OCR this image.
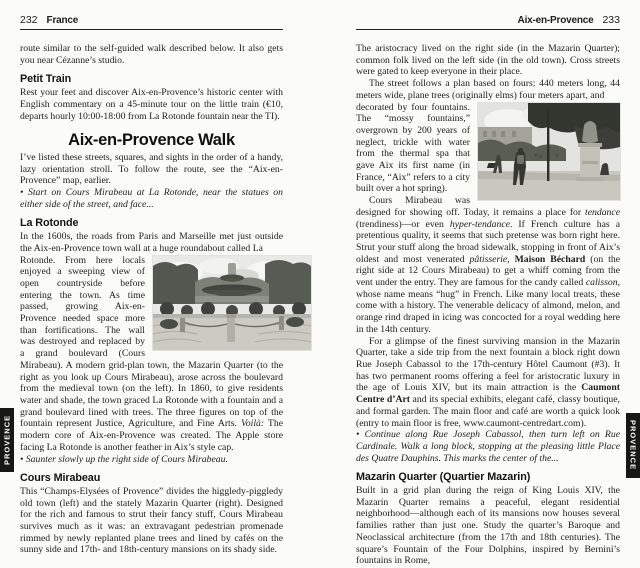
232 France

route similar to the self-guided walk described below. It also gets you near Cézanne’s studio.

Petit Train

Rest your feet and discover Aix-en-Provence’s historic center with English commentary on a 45-minute tour on the little train (€10, departs hourly 10:00-18:00 from La Rotonde fountain near the TI).

Aix-en-Provence Walk

I’ve listed these streets, squares, and sights in the order of a handy, lazy orientation stroll. To follow the route, see the “Aix-en-Provence” map, earlier.

• Start on Cours Mirabeau at La Rotonde, near the statues on either side of the street, and face...

La Rotonde

In the 1600s, the roads from Paris and Marseille met just outside the Aix-en-Provence town wall at a huge roundabout called La

Rotonde. From here locals enjoyed a sweeping view of open countryside before entering the town. As time passed, growing Aix-en-Provence needed space more than fortifications. The wall was destroyed and replaced by a grand boulevard (Cours Mirabeau). A modern grid-plan town, the Mazarin Quarter (to the right as you look up Cours Mirabeau), arose across the boulevard from the medieval town (on the left). In 1860, to give residents water and shade, the town graced La Rotonde with a fountain and a grand boulevard lined with trees. The three figures on top of the fountain represent Justice, Agriculture, and Fine Arts. Voilà: The modern core of Aix-en-Provence was created. The Apple store facing La Rotonde is another feather in Aix’s style cap.

• Saunter slowly up the right side of Cours Mirabeau.

Cours Mirabeau

This “Champs-Elysées of Provence” divides the higgledy-piggledy old town (left) and the stately Mazarin Quarter (right). Designed for the rich and famous to strut their fancy stuff, Cours Mirabeau survives much as it was: an extravagant pedestrian promenade rimmed by newly replanted plane trees and lined by cafés on the sunny side and 17th- and 18th-century mansions on its shady side.

Aix-en-Provence 233

The aristocracy lived on the right side (in the Mazarin Quarter); common folk lived on the left side (in the old town). Cross streets were gated to keep everyone in their place.

The street follows a plan based on fours: 440 meters long, 44 meters wide, plane trees (originally elms) four meters apart, and

decorated by four fountains. The “mossy fountains,” overgrown by 200 years of neglect, trickle with water from the thermal spa that gave Aix its first name (in France, “Aix” refers to a city built over a hot spring).

Cours Mirabeau was designed for showing off. Today, it remains a place for tendance (trendiness)—or even hyper-tendance. If French culture has a pretentious quality, it seems that such pretense was born right here. Strut your stuff along the broad sidewalk, stopping in front of Aix’s oldest and most venerated pâtisserie, Maison Béchard (on the right side at 12 Cours Mirabeau) to get a whiff coming from the vent under the entry. They are famous for the candy called calisson, whose name means “hug” in French. Like many local treats, these come with a history. The venerable delicacy of almond, melon, and orange rind draped in icing was concocted for a royal wedding here in the 14th century.

For a glimpse of the finest surviving mansion in the Mazarin Quarter, take a side trip from the next fountain a block right down Rue Joseph Cabassol to the 17th-century Hôtel Caumont (#3). It has two permanent rooms offering a feel for aristocratic luxury in the age of Louis XIV, but its main attraction is the Caumont Centre d’Art and its special exhibits, elegant café, classy boutique, and formal garden. The main floor and café are worth a quick look (entry to main floor is free, www.caumont-centredart.com).

• Continue along Rue Joseph Cabassol, then turn left on Rue Cardinale. Walk a long block, stopping at the pleasing little Place des Quatre Dauphins. This marks the center of the...

Mazarin Quarter (Quartier Mazarin)

Built in a grid plan during the reign of King Louis XIV, the Mazarin Quarter remains a peaceful, elegant residential neighborhood—although each of its mansions now houses several families rather than just one. Study the quarter’s Baroque and Neoclassical architecture (from the 17th and 18th centuries). The square’s Fountain of the Four Dolphins, inspired by Bernini’s fountains in Rome,

PROVENCE	PROVENCE
